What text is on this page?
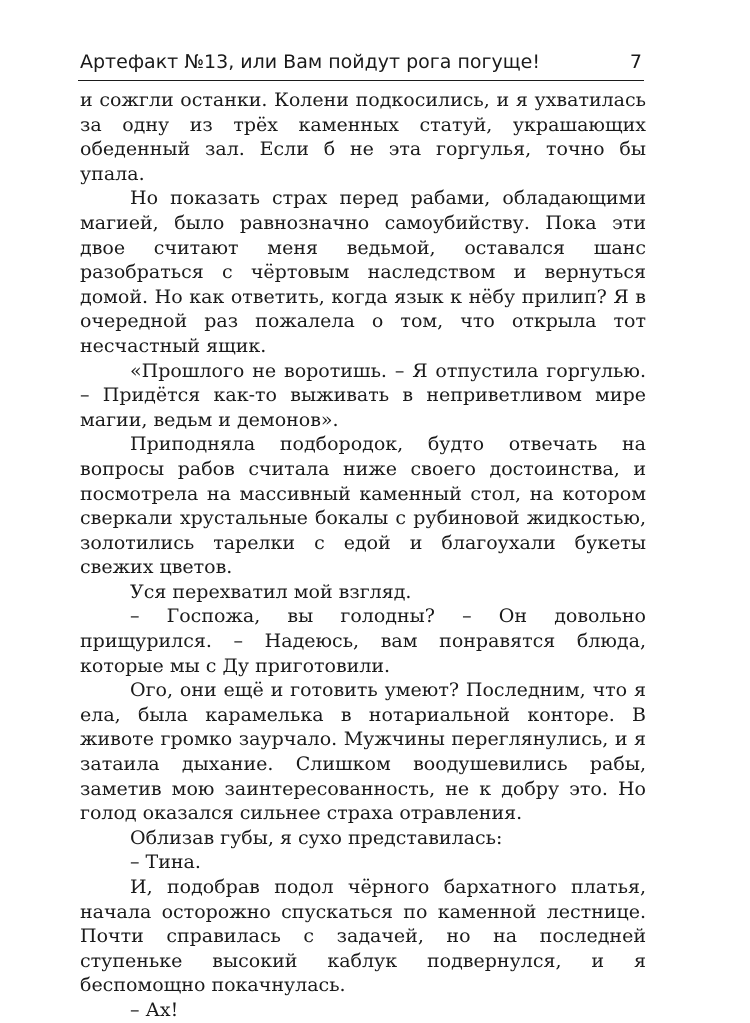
Артефакт №13, или Вам пойдут рога погуще!	7

и сожгли останки. Колени подкосились, и я ухватилась за одну из трёх каменных статуй, украшающих обеденный зал. Если б не эта горгулья, точно бы упала.

Но показать страх перед рабами, обладающими магией, было равнозначно самоубийству. Пока эти двое считают меня ведьмой, оставался шанс разобраться с чёртовым наследством и вернуться домой. Но как ответить, когда язык к нёбу прилип? Я в очередной раз пожалела о том, что открыла тот несчастный ящик.

«Прошлого не воротишь. – Я отпустила горгулью. – Придётся как-то выживать в неприветливом мире магии, ведьм и демонов».

Приподняла подбородок, будто отвечать на вопросы рабов считала ниже своего достоинства, и посмотрела на массивный каменный стол, на котором сверкали хрустальные бокалы с рубиновой жидкостью, золотились тарелки с едой и благоухали букеты свежих цветов.

Уся перехватил мой взгляд.

– Госпожа, вы голодны? – Он довольно прищурился. – Надеюсь, вам понравятся блюда, которые мы с Ду приготовили.

Ого, они ещё и готовить умеют? Последним, что я ела, была карамелька в нотариальной конторе. В животе громко заурчало. Мужчины переглянулись, и я затаила дыхание. Слишком воодушевились рабы, заметив мою заинтересованность, не к добру это. Но голод оказался сильнее страха отравления.

Облизав губы, я сухо представилась:

– Тина.

И, подобрав подол чёрного бархатного платья, начала осторожно спускаться по каменной лестнице. Почти справилась с задачей, но на последней ступеньке высокий каблук подвернулся, и я беспомощно покачнулась.

– Ах!
